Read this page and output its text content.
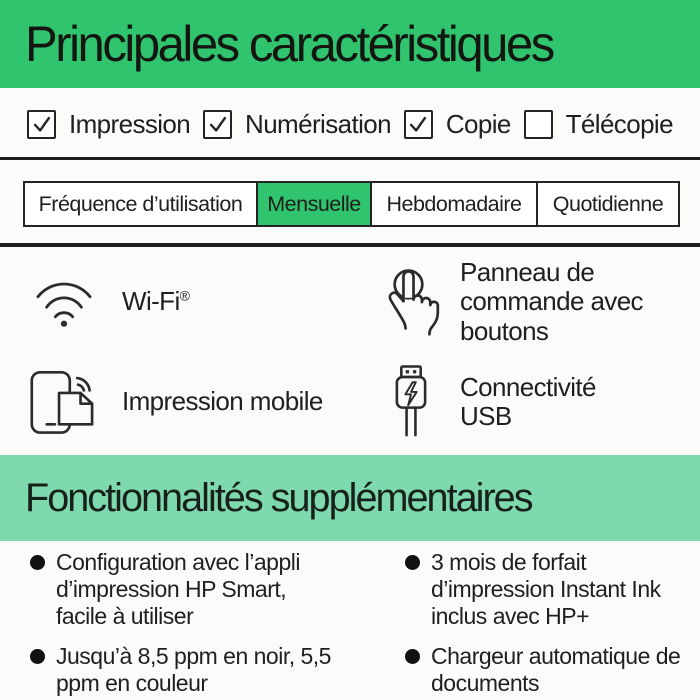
Principales caractéristiques
Impression Numérisation Copie Télécopie
Fréquence d’utilisation	Mensuelle	Hebdomadaire	Quotidienne
Wi-Fi®
Panneau de commande avec boutons
Impression mobile	Connectivité USB
Fonctionnalités supplémentaires
Configuration avec l’appli d’impression HP Smart, facile à utiliser
Jusqu’à 8,5 ppm en noir, 5,5 ppm en couleur
3 mois de forfait d’impression Instant Ink inclus avec HP+
Chargeur automatique de documents
